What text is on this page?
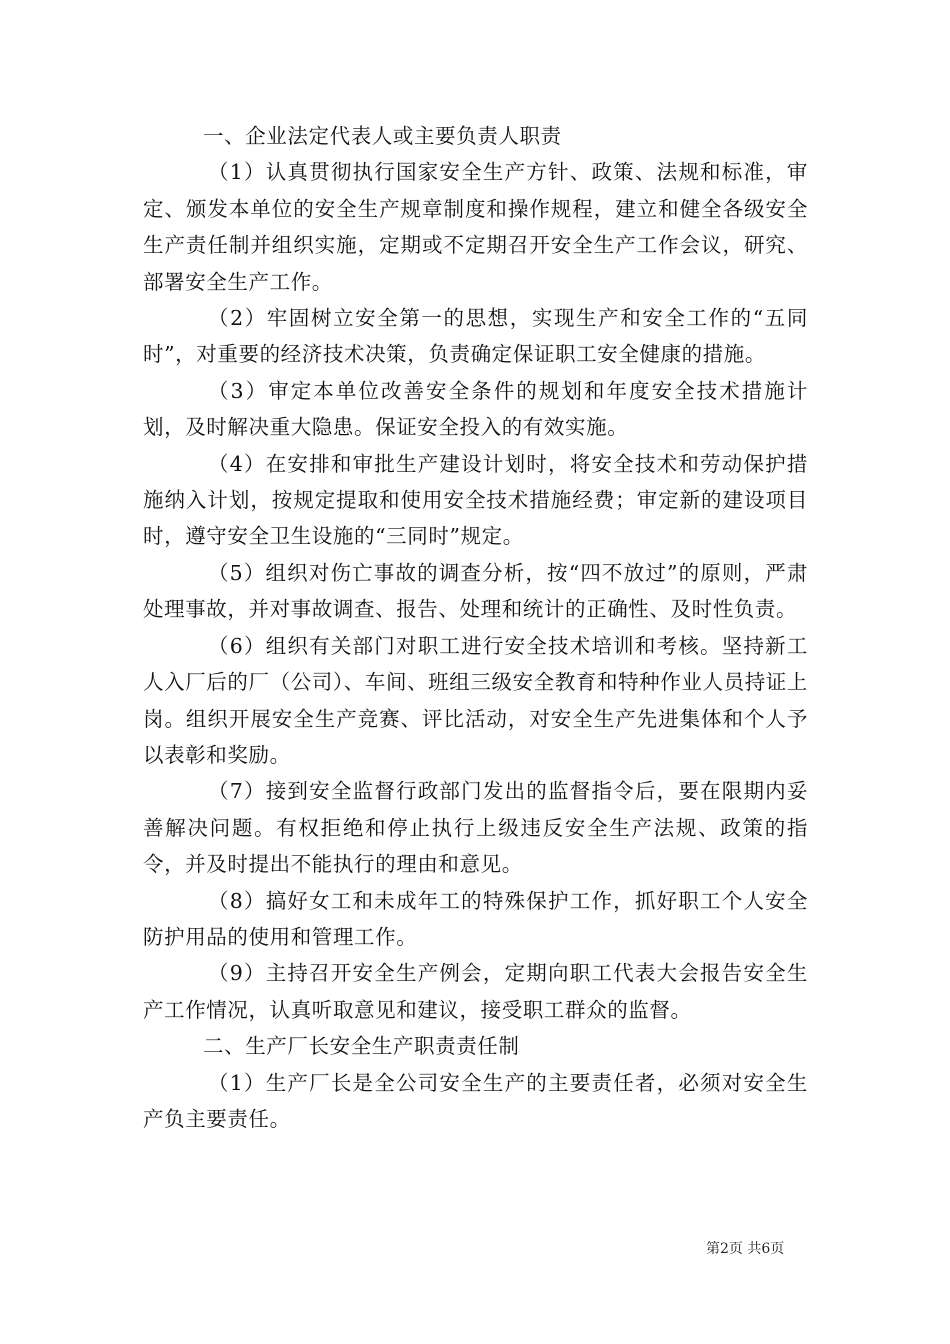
一、企业法定代表人或主要负责人职责

（1）认真贯彻执行国家安全生产方针、政策、法规和标准，审定、颁发本单位的安全生产规章制度和操作规程，建立和健全各级安全生产责任制并组织实施，定期或不定期召开安全生产工作会议，研究、部署安全生产工作。

（2）牢固树立安全第一的思想，实现生产和安全工作的“五同时”，对重要的经济技术决策，负责确定保证职工安全健康的措施。

（3）审定本单位改善安全条件的规划和年度安全技术措施计划，及时解决重大隐患。保证安全投入的有效实施。

（4）在安排和审批生产建设计划时，将安全技术和劳动保护措施纳入计划，按规定提取和使用安全技术措施经费；审定新的建设项目时，遵守安全卫生设施的“三同时”规定。

（5）组织对伤亡事故的调查分析，按“四不放过”的原则，严肃处理事故，并对事故调查、报告、处理和统计的正确性、及时性负责。

（6）组织有关部门对职工进行安全技术培训和考核。坚持新工人入厂后的厂（公司）、车间、班组三级安全教育和特种作业人员持证上岗。组织开展安全生产竞赛、评比活动，对安全生产先进集体和个人予以表彰和奖励。

（7）接到安全监督行政部门发出的监督指令后，要在限期内妥善解决问题。有权拒绝和停止执行上级违反安全生产法规、政策的指令，并及时提出不能执行的理由和意见。

（8）搞好女工和未成年工的特殊保护工作，抓好职工个人安全防护用品的使用和管理工作。

（9）主持召开安全生产例会，定期向职工代表大会报告安全生产工作情况，认真听取意见和建议，接受职工群众的监督。

二、生产厂长安全生产职责责任制

（1）生产厂长是全公司安全生产的主要责任者，必须对安全生产负主要责任。

第2页 共6页
